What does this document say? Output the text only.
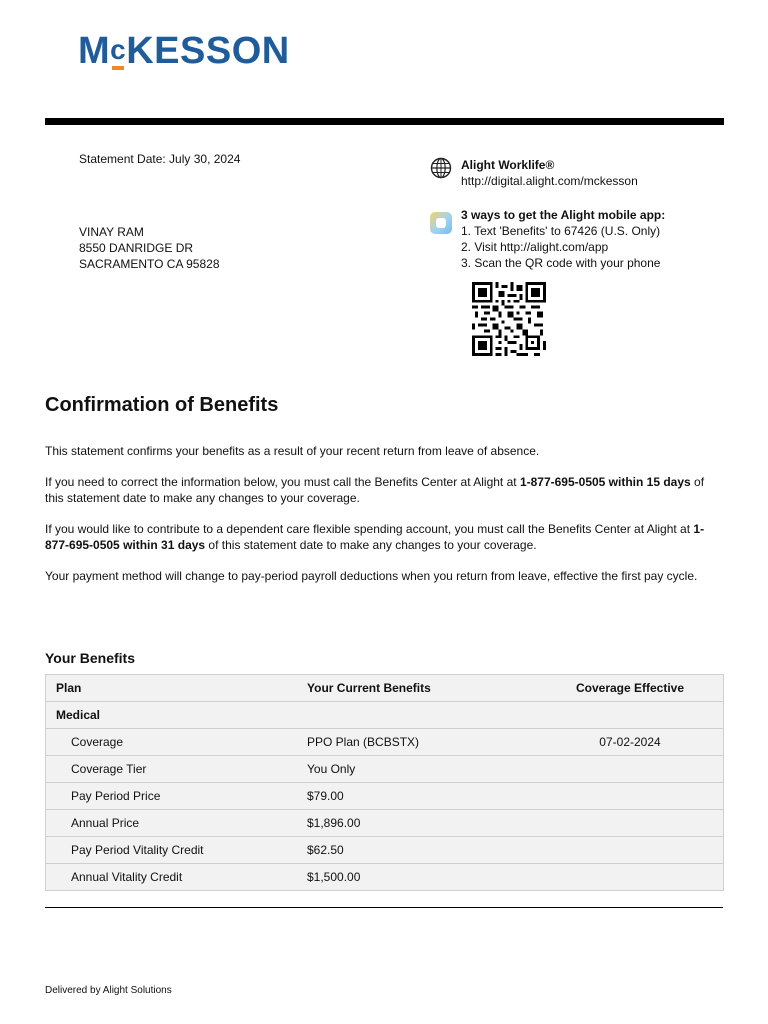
Mc
KESSON
Statement Date: July 30, 2024
VINAY RAM
8550 DANRIDGE DR
SACRAMENTO CA 95828
Alight Worklife®
http://digital.alight.com/mckesson
3 ways to get the Alight mobile app:
1. Text 'Benefits' to 67426 (U.S. Only)
2. Visit http://alight.com/app
3. Scan the QR code with your phone
Confirmation of Benefits

This statement confirms your benefits as a result of your recent return from leave of absence.

If you need to correct the information below, you must call the Benefits Center at Alight at 1-877-695-0505 within 15 days of this statement date to make any changes to your coverage.

If you would like to contribute to a dependent care flexible spending account, you must call the Benefits Center at Alight at 1-877-695-0505 within 31 days of this statement date to make any changes to your coverage.

Your payment method will change to pay-period payroll deductions when you return from leave, effective the first pay cycle.

Your Benefits
Plan	Your Current Benefits	Coverage Effective
Medical		
Coverage	PPO Plan (BCBSTX)	07-02-2024
Coverage Tier	You Only	
Pay Period Price	$79.00	
Annual Price	$1,896.00	
Pay Period Vitality Credit	$62.50	
Annual Vitality Credit	$1,500.00	
Delivered by Alight Solutions
